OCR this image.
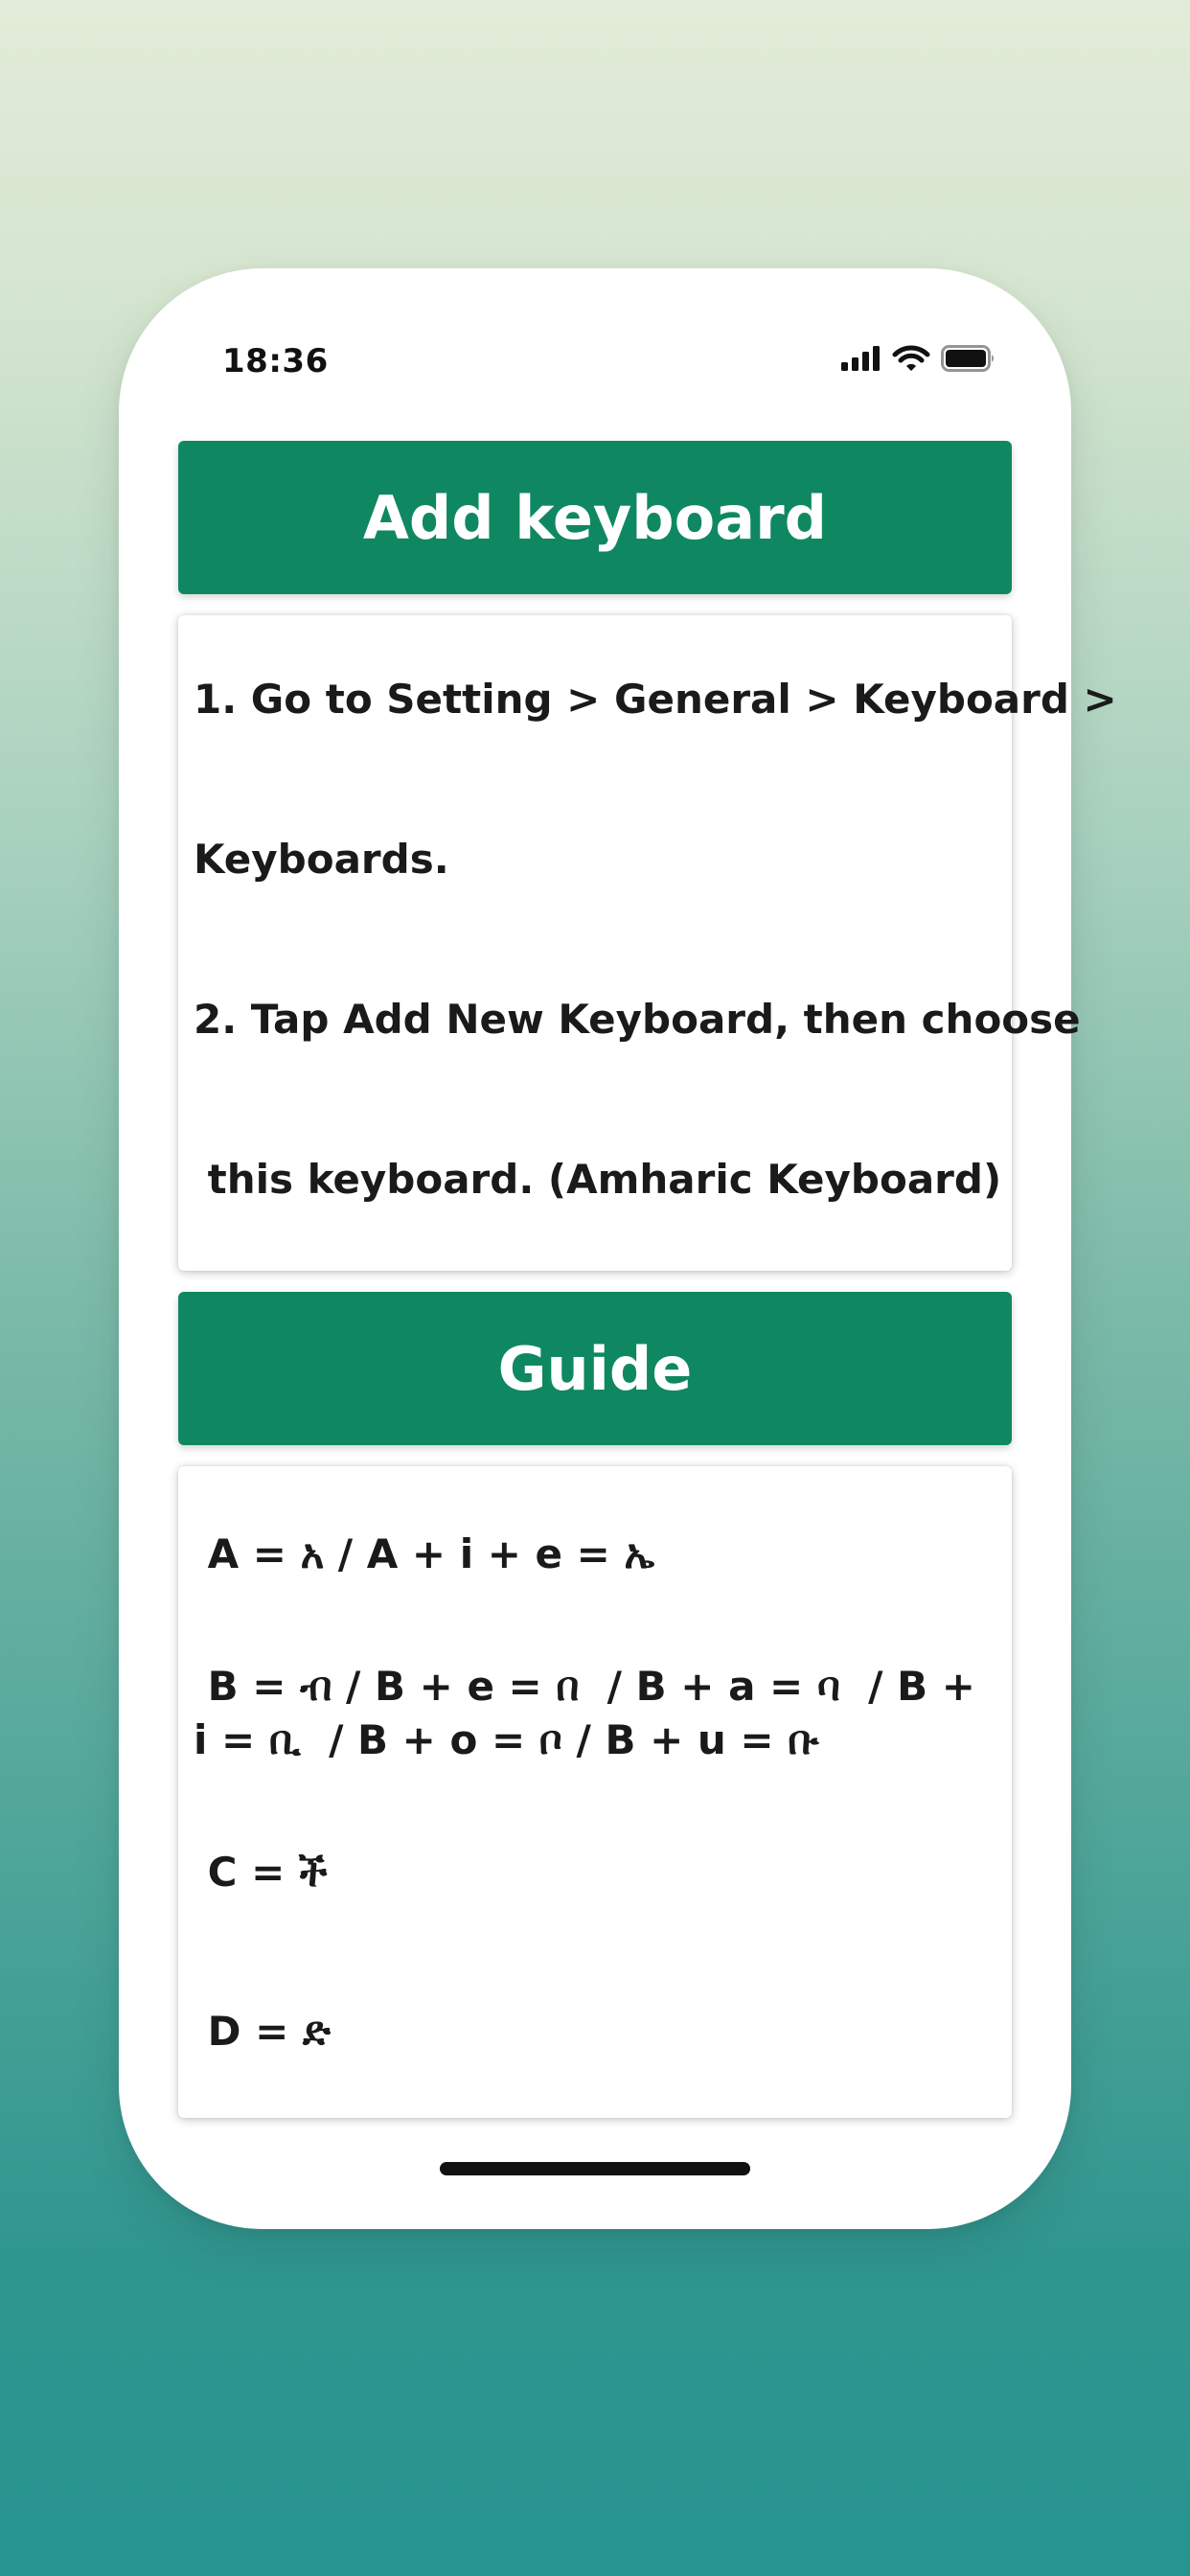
18:36
Add keyboard
1. Go to Setting > General > Keyboard >
Keyboards.
2. Tap Add New Keyboard, then choose
this keyboard. (Amharic Keyboard)
Guide
A = አ / A + i + e = ኤ
B = ብ / B + e = በ  / B + a = ባ  / B + i = ቢ  / B + o = ቦ / B + u = ቡ
C = ች
D = ድ
